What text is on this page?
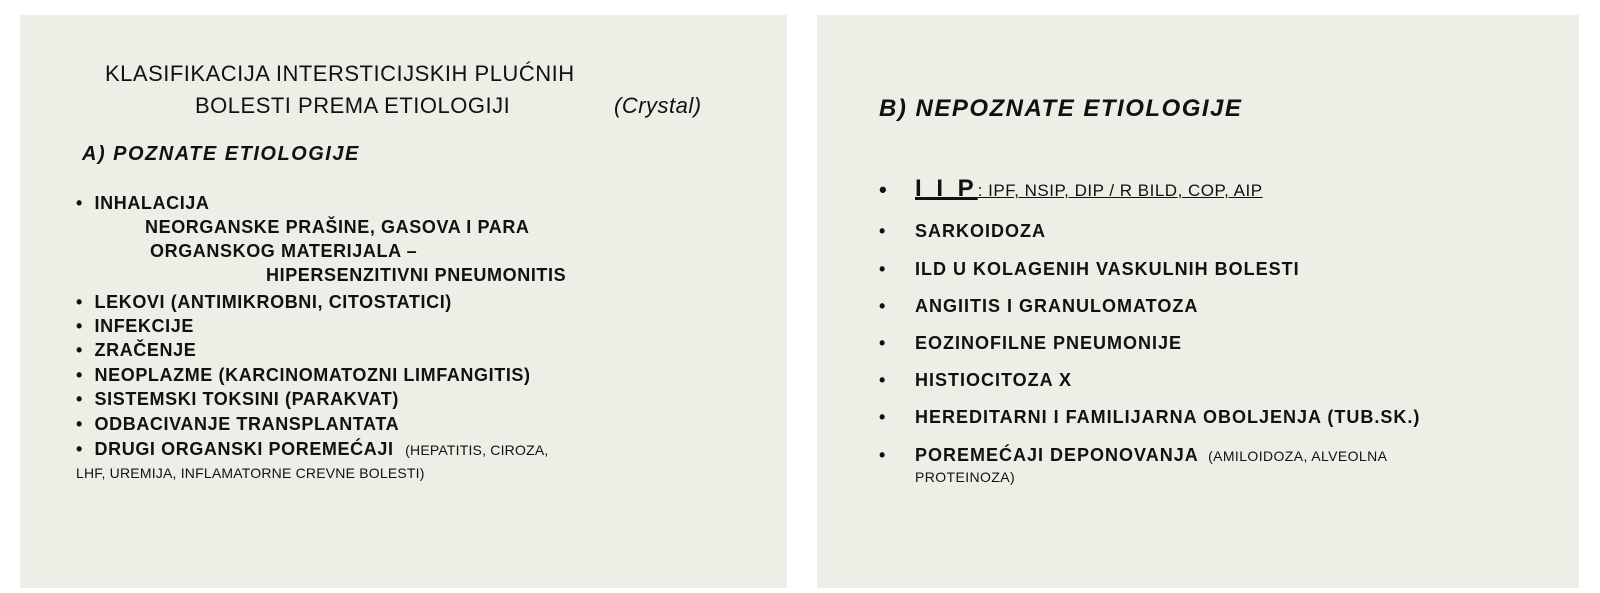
KLASIFIKACIJA INTERSTICIJSKIH PLUĆNIH
BOLESTI PREMA ETIOLOGIJI	(Crystal)
A) POZNATE ETIOLOGIJE
• INHALACIJA
NEORGANSKE PRAŠINE, GASOVA I PARA
ORGANSKOG MATERIJALA –
HIPERSENZITIVNI PNEUMONITIS
• LEKOVI (ANTIMIKROBNI, CITOSTATICI)
• INFEKCIJE
• ZRAČENJE
• NEOPLAZME (KARCINOMATOZNI LIMFANGITIS)
• SISTEMSKI TOKSINI (PARAKVAT)
• ODBACIVANJE TRANSPLANTATA
• DRUGI ORGANSKI POREMEĆAJI (HEPATITIS, CIROZA,
LHF, UREMIJA, INFLAMATORNE CREVNE BOLESTI)
B) NEPOZNATE ETIOLOGIJE
• I I P: IPF, NSIP, DIP / R BILD, COP, AIP
• SARKOIDOZA
• ILD U KOLAGENIH VASKULNIH BOLESTI
• ANGIITIS I GRANULOMATOZA
• EOZINOFILNE PNEUMONIJE
• HISTIOCITOZA X
• HEREDITARNI I FAMILIJARNA OBOLJENJA (TUB.SK.)
• POREMEĆAJI DEPONOVANJA (AMILOIDOZA, ALVEOLNA
PROTEINOZA)
